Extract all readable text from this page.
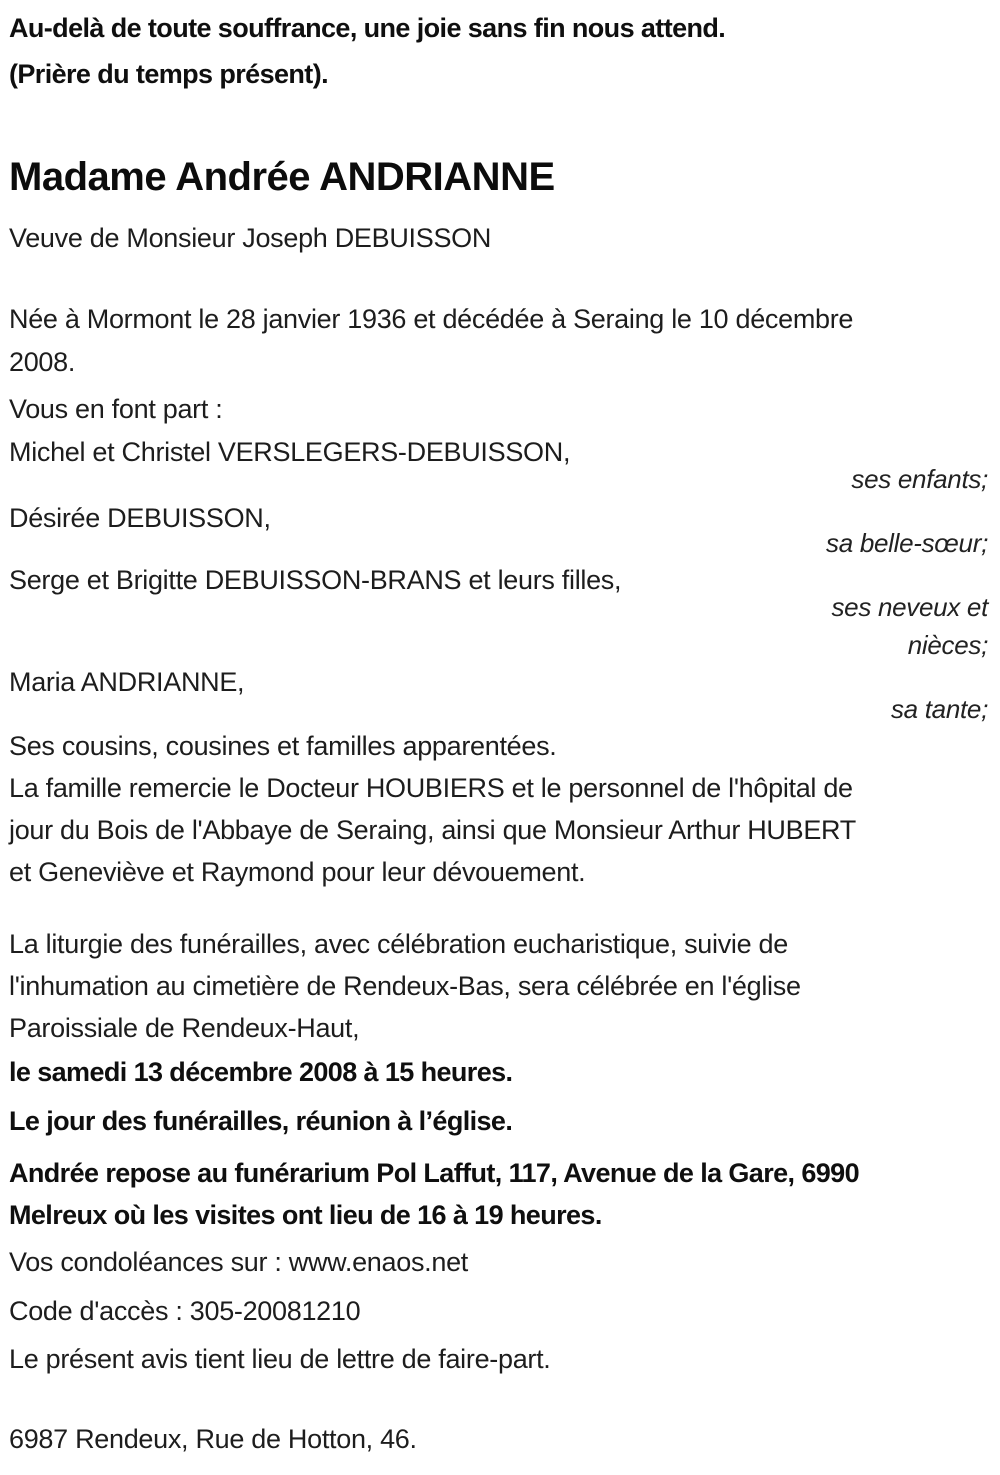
Au-delà de toute souffrance, une joie sans fin nous attend.
(Prière du temps présent).
Madame Andrée ANDRIANNE
Veuve de Monsieur Joseph DEBUISSON
Née à Mormont le 28 janvier 1936 et décédée à Seraing le 10 décembre
2008.
Vous en font part :
Michel et Christel VERSLEGERS-DEBUISSON,
ses enfants;
Désirée DEBUISSON,
sa belle-sœur;
Serge et Brigitte DEBUISSON-BRANS et leurs filles,
ses neveux et
nièces;
Maria ANDRIANNE,
sa tante;
Ses cousins, cousines et familles apparentées.
La famille remercie le Docteur HOUBIERS et le personnel de l'hôpital de
jour du Bois de l'Abbaye de Seraing, ainsi que Monsieur Arthur HUBERT
et Geneviève et Raymond pour leur dévouement.
La liturgie des funérailles, avec célébration eucharistique, suivie de
l'inhumation au cimetière de Rendeux-Bas, sera célébrée en l'église
Paroissiale de Rendeux-Haut,
le samedi 13 décembre 2008 à 15 heures.
Le jour des funérailles, réunion à l’église.
Andrée repose au funérarium Pol Laffut, 117, Avenue de la Gare, 6990
Melreux où les visites ont lieu de 16 à 19 heures.
Vos condoléances sur : www.enaos.net
Code d'accès : 305-20081210
Le présent avis tient lieu de lettre de faire-part.
6987 Rendeux, Rue de Hotton, 46.
